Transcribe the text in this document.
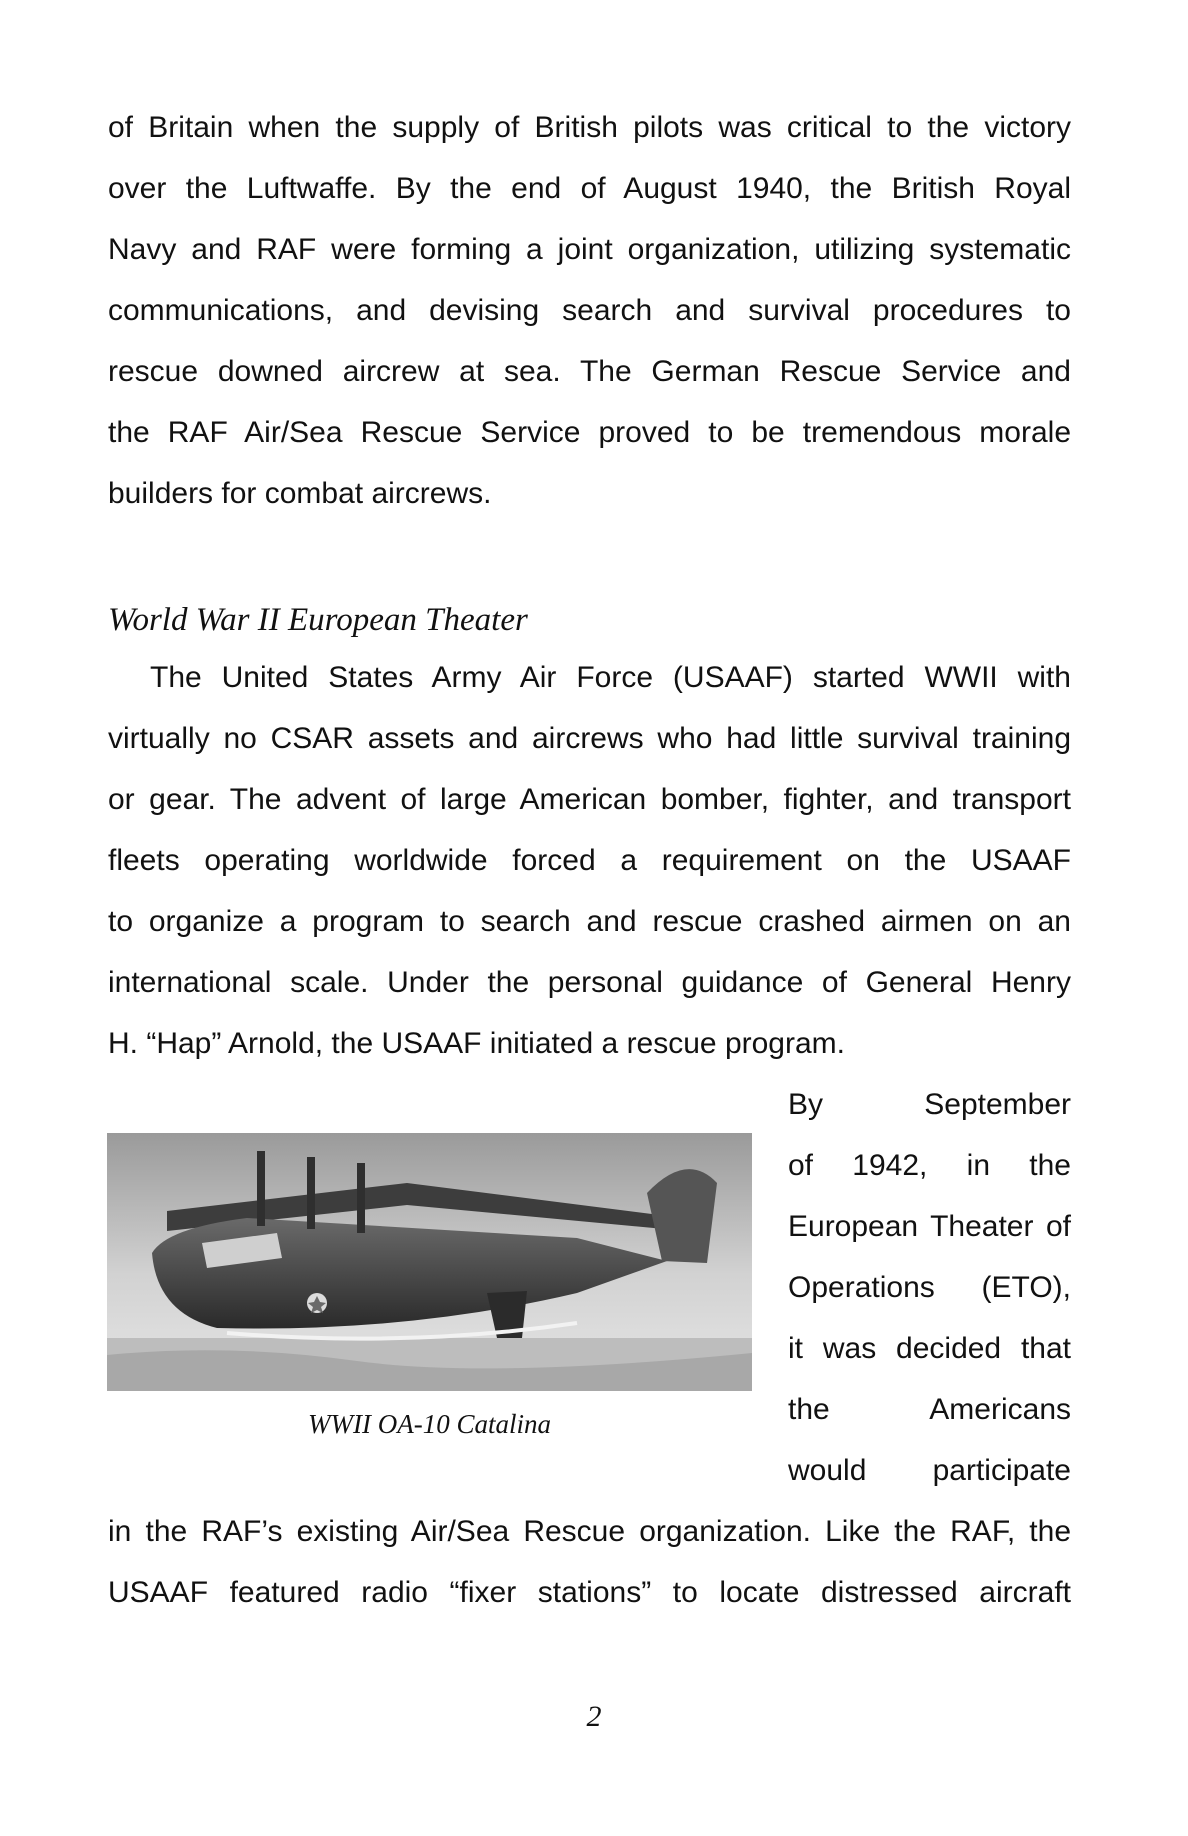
of Britain when the supply of British pilots was critical to the victory
over the Luftwaffe. By the end of August 1940, the British Royal
Navy and RAF were forming a joint organization, utilizing systematic
communications, and devising search and survival procedures to
rescue downed aircrew at sea. The German Rescue Service and
the RAF Air/Sea Rescue Service proved to be tremendous morale
builders for combat aircrews.
World War II European Theater
The United States Army Air Force (USAAF) started WWII with
virtually no CSAR assets and aircrews who had little survival training
or gear. The advent of large American bomber, fighter, and transport
fleets operating worldwide forced a requirement on the USAAF
to organize a program to search and rescue crashed airmen on an
international scale. Under the personal guidance of General Henry
H. “Hap” Arnold, the USAAF initiated a rescue program.
WWII OA-10 Catalina
By September
of 1942, in the
European Theater of
Operations (ETO),
it was decided that
the Americans
would participate
in the RAF’s existing Air/Sea Rescue organization. Like the RAF, the
USAAF featured radio “fixer stations” to locate distressed aircraft
2
